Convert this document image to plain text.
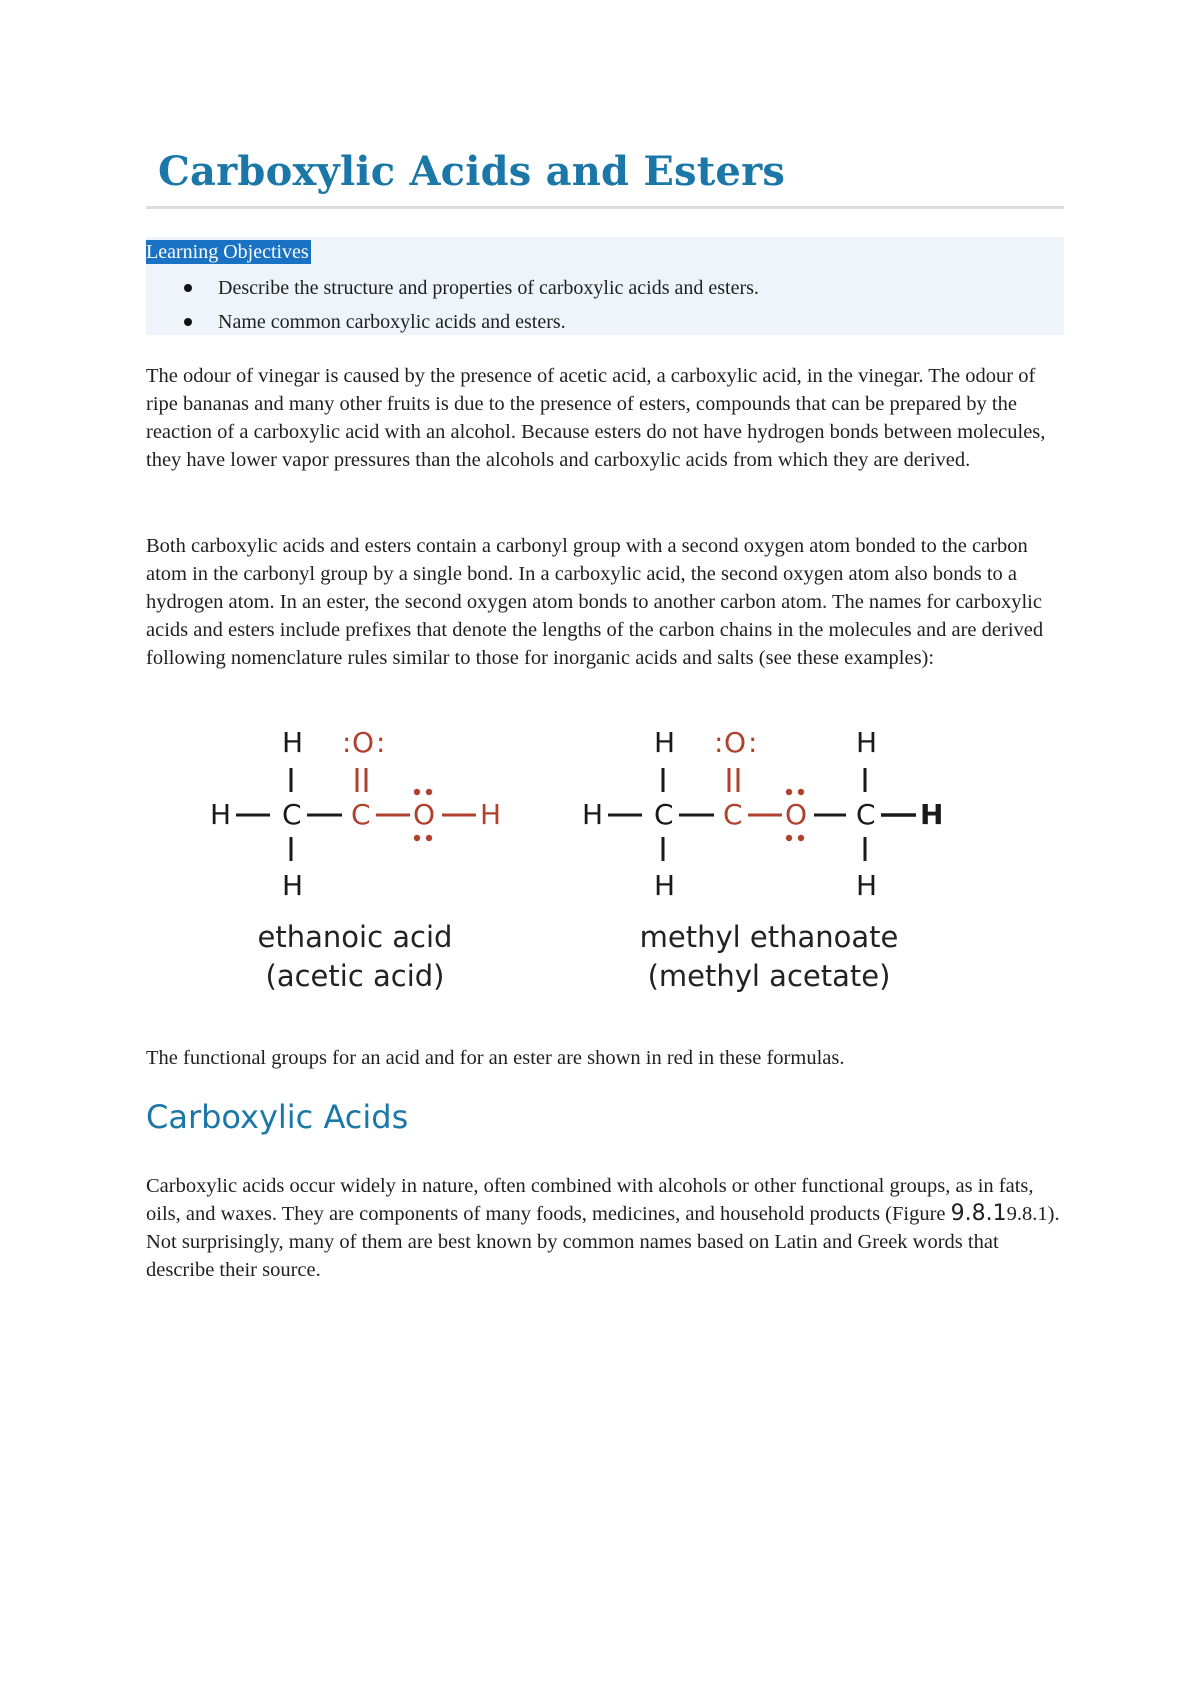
Carboxylic Acids and Esters
Learning Objectives
Describe the structure and properties of carboxylic acids and esters.
Name common carboxylic acids and esters.

The odour of vinegar is caused by the presence of acetic acid, a carboxylic acid, in the vinegar. The odour of ripe bananas and many other fruits is due to the presence of esters, compounds that can be prepared by the reaction of a carboxylic acid with an alcohol. Because esters do not have hydrogen bonds between molecules, they have lower vapor pressures than the alcohols and carboxylic acids from which they are derived.

Both carboxylic acids and esters contain a carbonyl group with a second oxygen atom bonded to the carbon atom in the carbonyl group by a single bond. In a carboxylic acid, the second oxygen atom also bonds to a hydrogen atom. In an ester, the second oxygen atom bonds to another carbon atom. The names for carboxylic acids and esters include prefixes that denote the lengths of the carbon chains in the molecules and are derived following nomenclature rules similar to those for inorganic acids and salts (see these examples):

H
H C
H
: O :
C O H
H
H C
H
: O :
C O
H
C H
H
ethanoic acid
(acetic acid)
methyl ethanoate
(methyl acetate)

The functional groups for an acid and for an ester are shown in red in these formulas.

Carboxylic Acids

Carboxylic acids occur widely in nature, often combined with alcohols or other functional groups, as in fats, oils, and waxes. They are components of many foods, medicines, and household products (Figure 9.8.19.8.1). Not surprisingly, many of them are best known by common names based on Latin and Greek words that describe their source.
